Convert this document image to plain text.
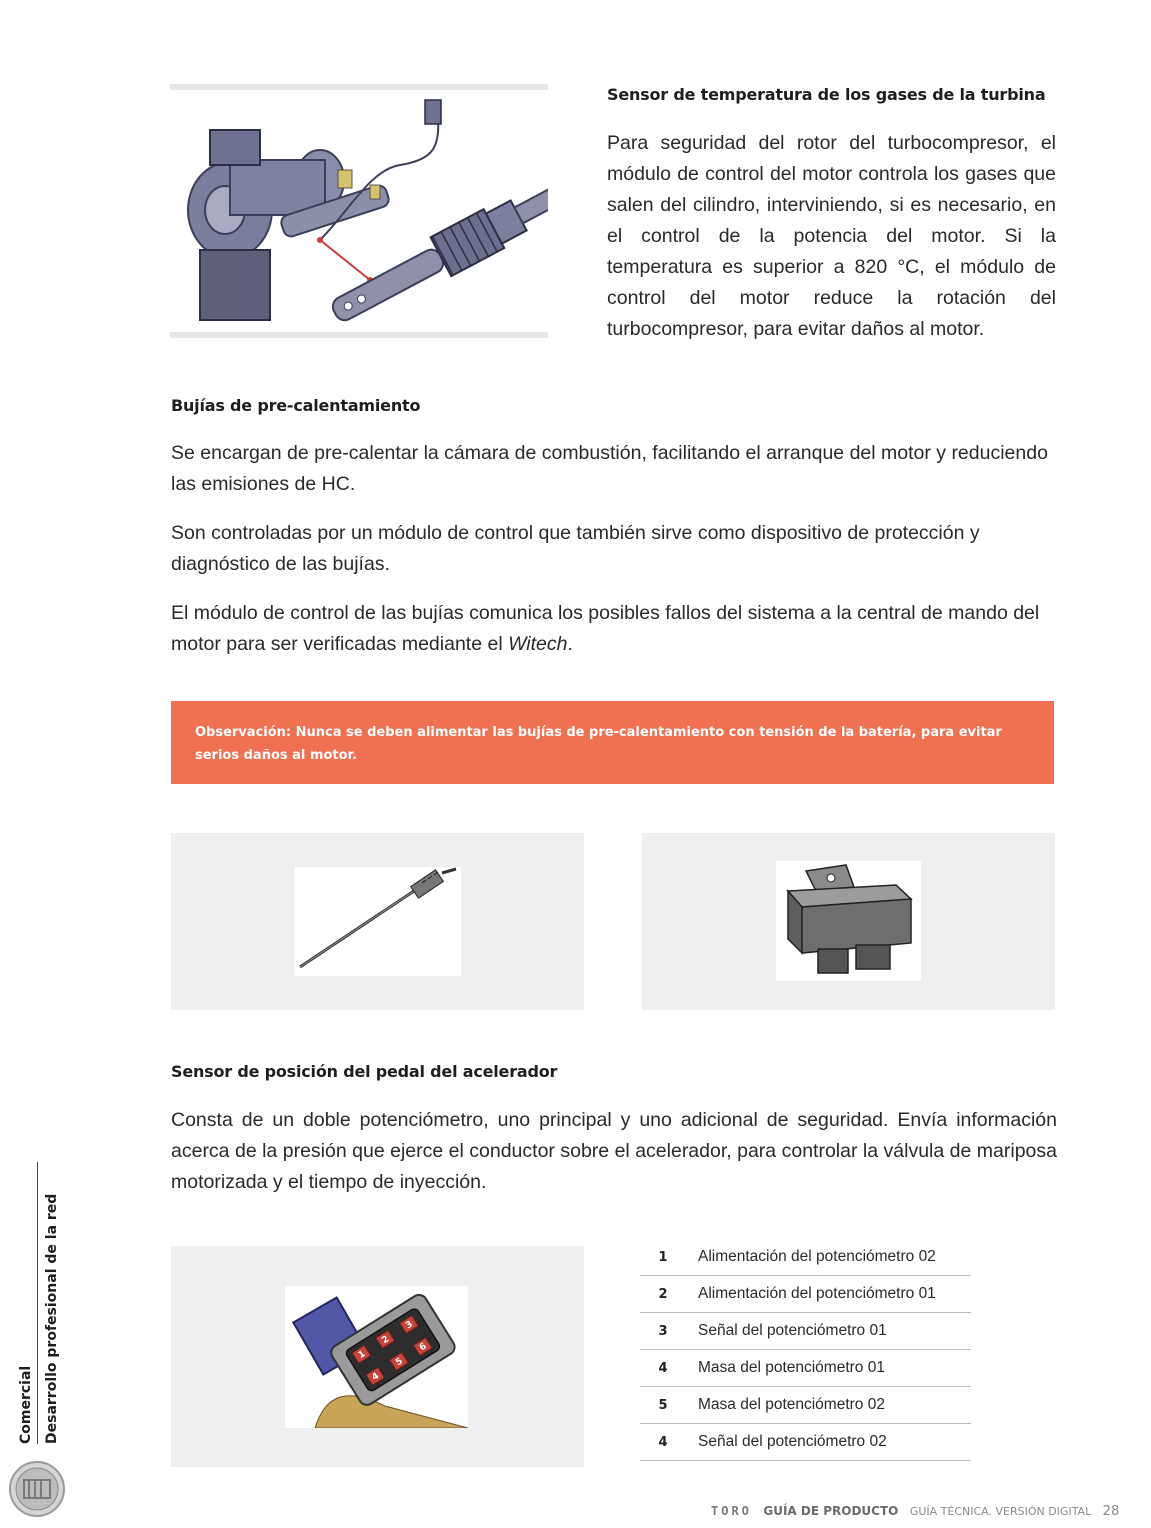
Sensor de temperatura de los gases de la turbina
Para seguridad del rotor del turbocompresor, el módulo de control del motor controla los gases que salen del cilindro, interviniendo, si es necesario, en el control de la potencia del motor. Si la temperatura es superior a 820 °C, el módulo de control del motor reduce la rotación del turbocompresor, para evitar daños al motor.
Bujías de pre-calentamiento

Se encargan de pre-calentar la cámara de combustión, facilitando el arranque del motor y reduciendo las emisiones de HC.

Son controladas por un módulo de control que también sirve como dispositivo de protección y diagnóstico de las bujías.

El módulo de control de las bujías comunica los posibles fallos del sistema a la central de mando del motor para ser verificadas mediante el Witech.

Observación: Nunca se deben alimentar las bujías de pre-calentamiento con tensión de la batería, para evitar serios daños al motor.
Sensor de posición del pedal del acelerador
Consta de un doble potenciómetro, uno principal y uno adicional de seguridad. Envía información acerca de la presión que ejerce el conductor sobre el acelerador, para controlar la válvula de mariposa motorizada y el tiempo de inyección.
1
2
3
4
5
6
1	Alimentación del potenciómetro 02
2	Alimentación del potenciómetro 01
3	Señal del potenciómetro 01
4	Masa del potenciómetro 01
5	Masa del potenciómetro 02
4	Señal del potenciómetro 02
Comercial Desarrollo profesional de la red
TORO GUÍA DE PRODUCTO GUÍA TÉCNICA. VERSIÓN DIGITAL 28
